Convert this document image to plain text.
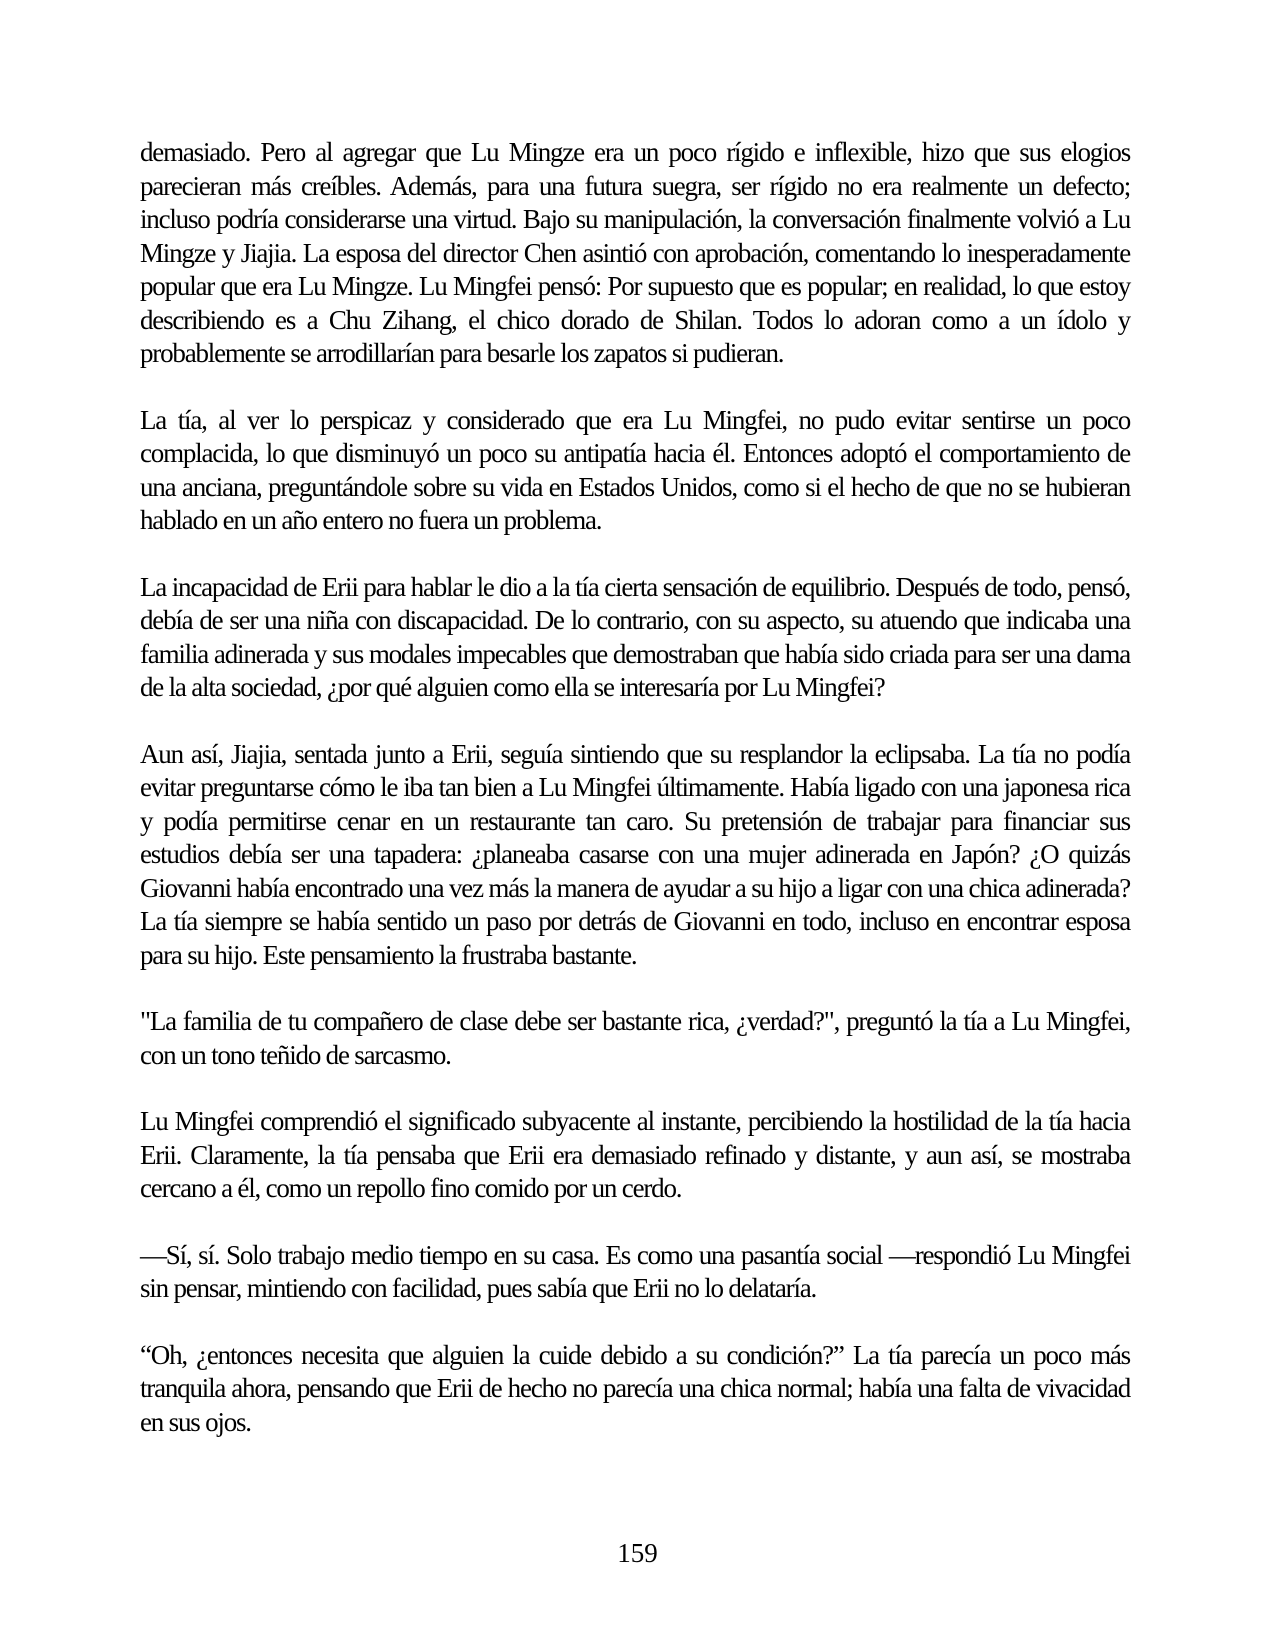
demasiado. Pero al agregar que Lu Mingze era un poco rígido e inflexible, hizo que sus elogios parecieran más creíbles. Además, para una futura suegra, ser rígido no era realmente un defecto; incluso podría considerarse una virtud. Bajo su manipulación, la conversación finalmente volvió a Lu Mingze y Jiajia. La esposa del director Chen asintió con aprobación, comentando lo inesperadamente popular que era Lu Mingze. Lu Mingfei pensó: Por supuesto que es popular; en realidad, lo que estoy describiendo es a Chu Zihang, el chico dorado de Shilan. Todos lo adoran como a un ídolo y probablemente se arrodillarían para besarle los zapatos si pudieran.

La tía, al ver lo perspicaz y considerado que era Lu Mingfei, no pudo evitar sentirse un poco complacida, lo que disminuyó un poco su antipatía hacia él. Entonces adoptó el comportamiento de una anciana, preguntándole sobre su vida en Estados Unidos, como si el hecho de que no se hubieran hablado en un año entero no fuera un problema.

La incapacidad de Erii para hablar le dio a la tía cierta sensación de equilibrio. Después de todo, pensó, debía de ser una niña con discapacidad. De lo contrario, con su aspecto, su atuendo que indicaba una familia adinerada y sus modales impecables que demostraban que había sido criada para ser una dama de la alta sociedad, ¿por qué alguien como ella se interesaría por Lu Mingfei?

Aun así, Jiajia, sentada junto a Erii, seguía sintiendo que su resplandor la eclipsaba. La tía no podía evitar preguntarse cómo le iba tan bien a Lu Mingfei últimamente. Había ligado con una japonesa rica y podía permitirse cenar en un restaurante tan caro. Su pretensión de trabajar para financiar sus estudios debía ser una tapadera: ¿planeaba casarse con una mujer adinerada en Japón? ¿O quizás Giovanni había encontrado una vez más la manera de ayudar a su hijo a ligar con una chica adinerada? La tía siempre se había sentido un paso por detrás de Giovanni en todo, incluso en encontrar esposa para su hijo. Este pensamiento la frustraba bastante.

"La familia de tu compañero de clase debe ser bastante rica, ¿verdad?", preguntó la tía a Lu Mingfei, con un tono teñido de sarcasmo.

Lu Mingfei comprendió el significado subyacente al instante, percibiendo la hostilidad de la tía hacia Erii. Claramente, la tía pensaba que Erii era demasiado refinado y distante, y aun así, se mostraba cercano a él, como un repollo fino comido por un cerdo.

—Sí, sí. Solo trabajo medio tiempo en su casa. Es como una pasantía social —respondió Lu Mingfei sin pensar, mintiendo con facilidad, pues sabía que Erii no lo delataría.

“Oh, ¿entonces necesita que alguien la cuide debido a su condición?” La tía parecía un poco más tranquila ahora, pensando que Erii de hecho no parecía una chica normal; había una falta de vivacidad en sus ojos.

159
